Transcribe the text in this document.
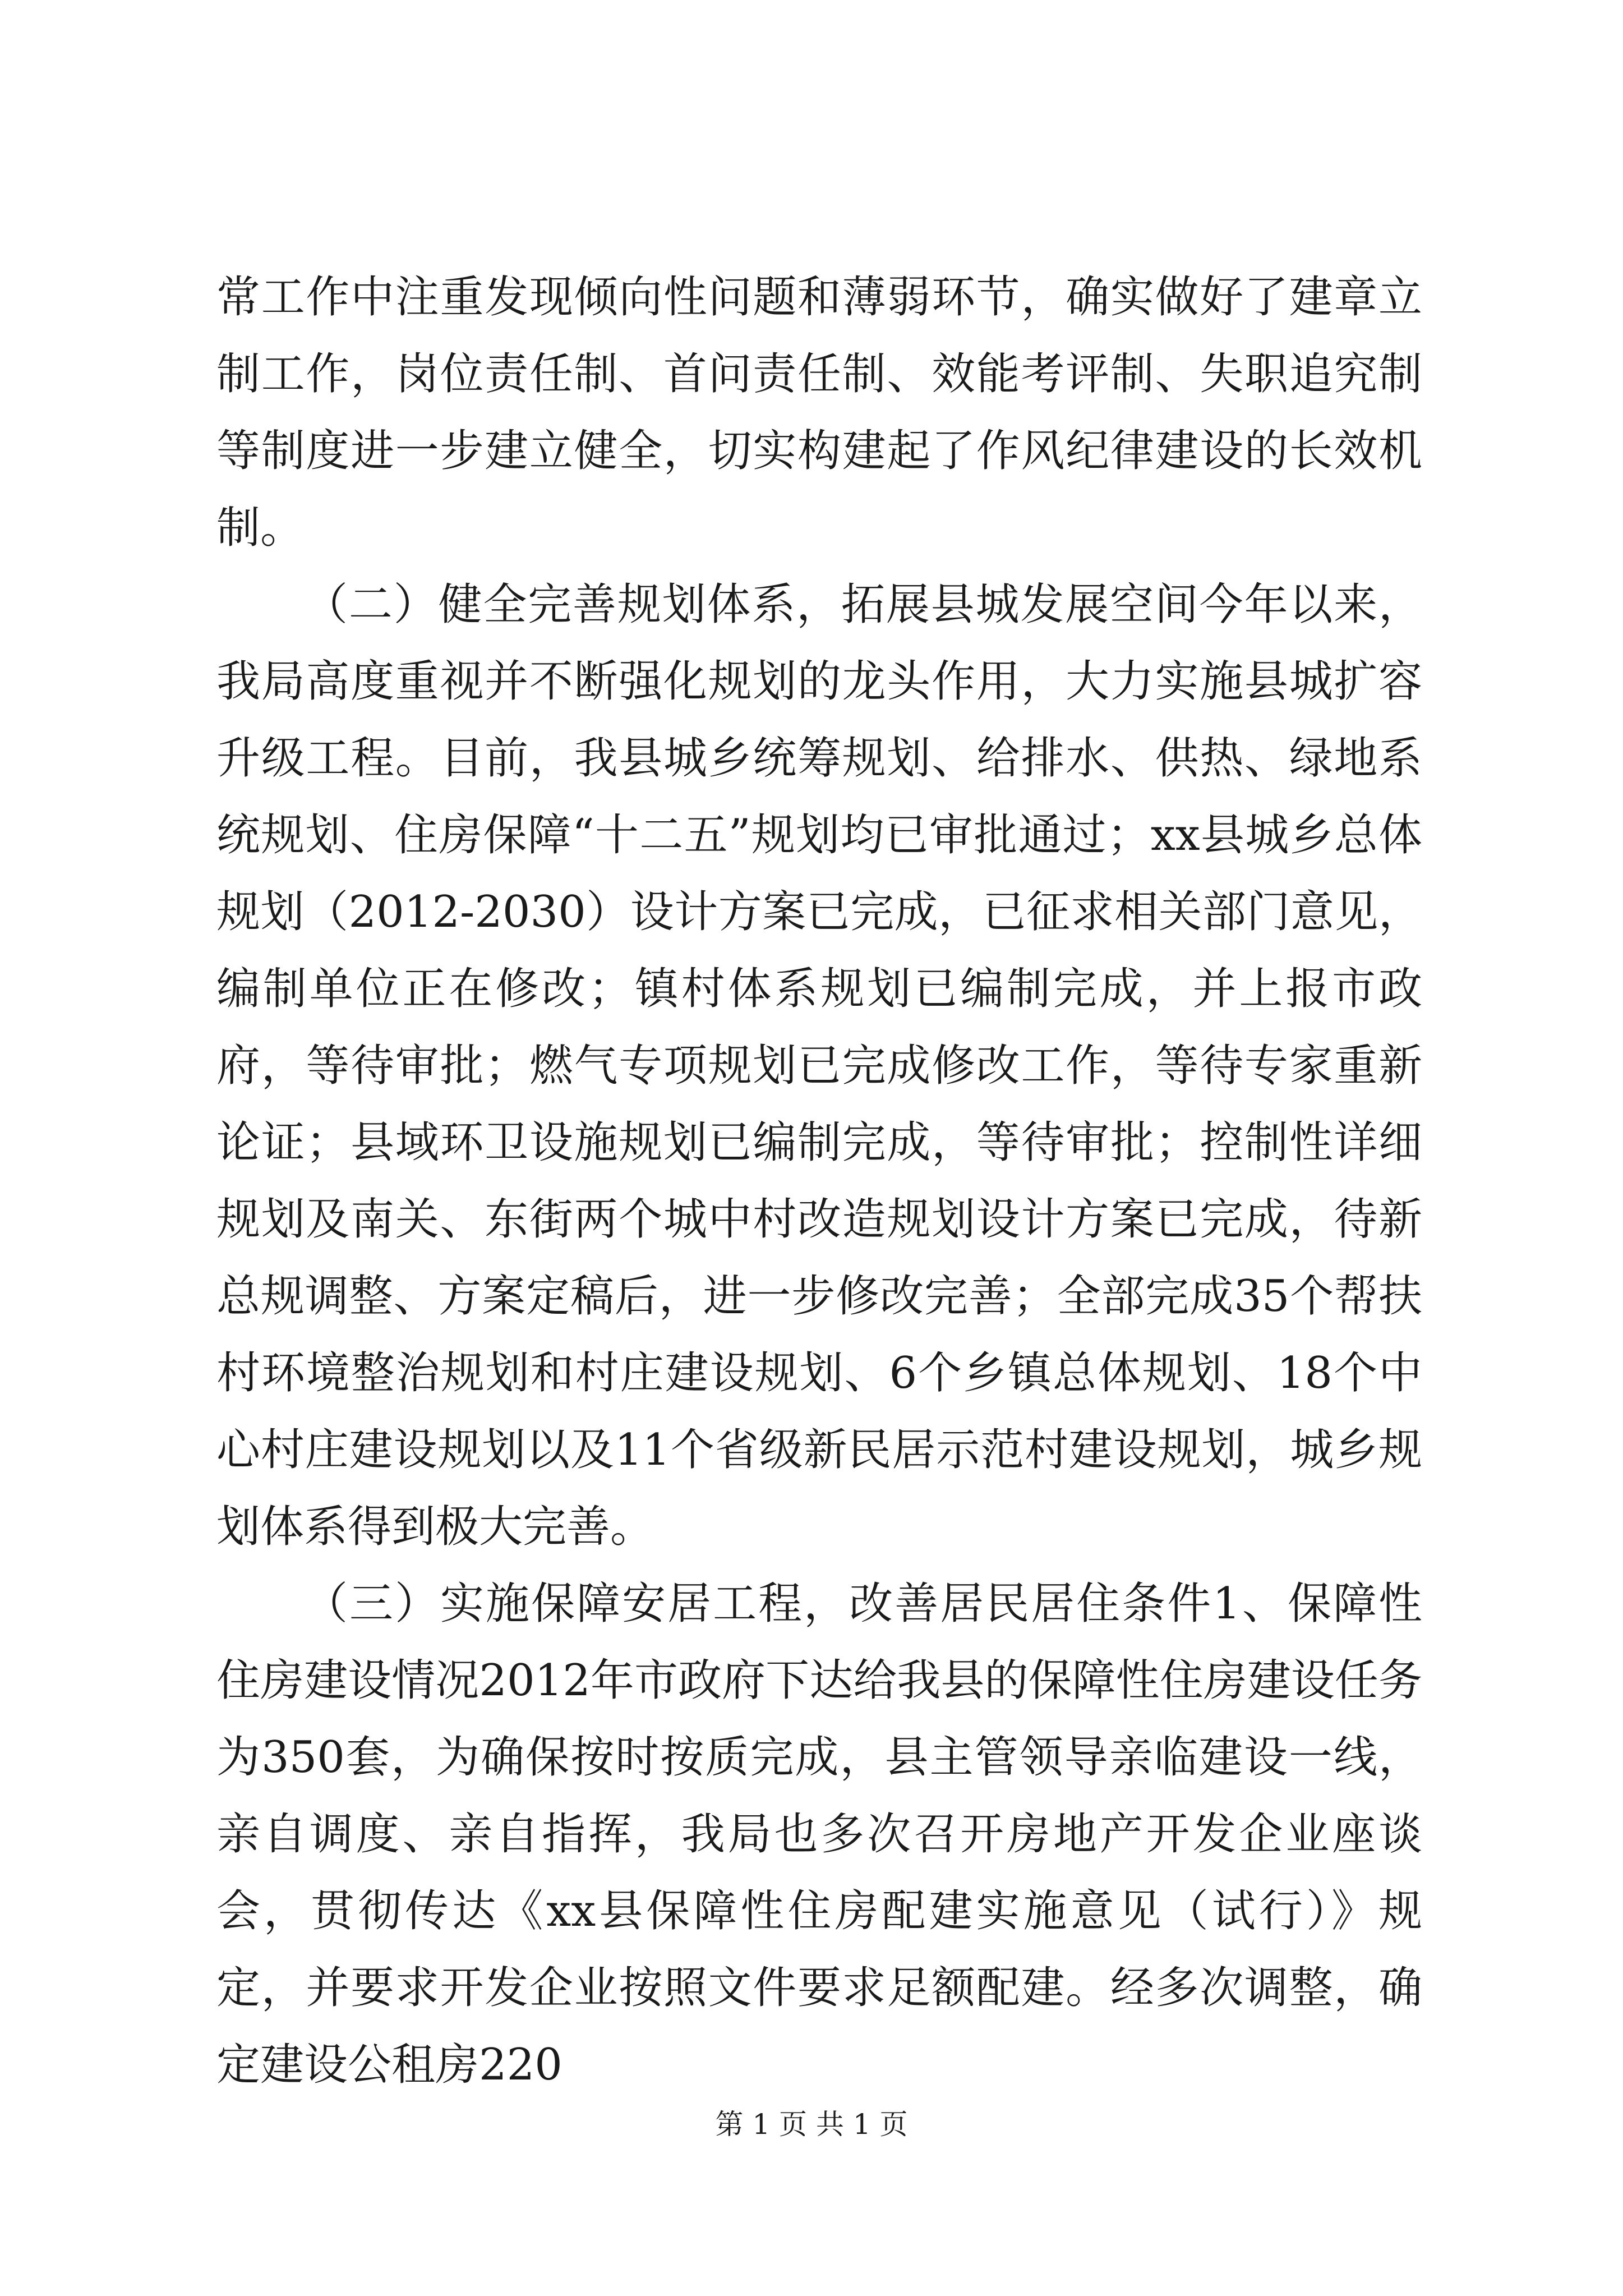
常工作中注重发现倾向性问题和薄弱环节，确实做好了建章立制工作，岗位责任制、首问责任制、效能考评制、失职追究制等制度进一步建立健全，切实构建起了作风纪律建设的长效机制。

（二）健全完善规划体系，拓展县城发展空间今年以来，我局高度重视并不断强化规划的龙头作用，大力实施县城扩容升级工程。目前，我县城乡统筹规划、给排水、供热、绿地系统规划、住房保障“十二五”规划均已审批通过；xx县城乡总体规划（2012-2030）设计方案已完成，已征求相关部门意见，编制单位正在修改；镇村体系规划已编制完成，并上报市政府，等待审批；燃气专项规划已完成修改工作，等待专家重新论证；县域环卫设施规划已编制完成，等待审批；控制性详细规划及南关、东街两个城中村改造规划设计方案已完成，待新总规调整、方案定稿后，进一步修改完善；全部完成35个帮扶村环境整治规划和村庄建设规划、6个乡镇总体规划、18个中心村庄建设规划以及11个省级新民居示范村建设规划，城乡规划体系得到极大完善。

（三）实施保障安居工程，改善居民居住条件1、保障性住房建设情况2012年市政府下达给我县的保障性住房建设任务为350套，为确保按时按质完成，县主管领导亲临建设一线，亲自调度、亲自指挥，我局也多次召开房地产开发企业座谈会，贯彻传达《xx县保障性住房配建实施意见（试行）》规定，并要求开发企业按照文件要求足额配建。经多次调整，确定建设公租房220

第 1 页 共 1 页
